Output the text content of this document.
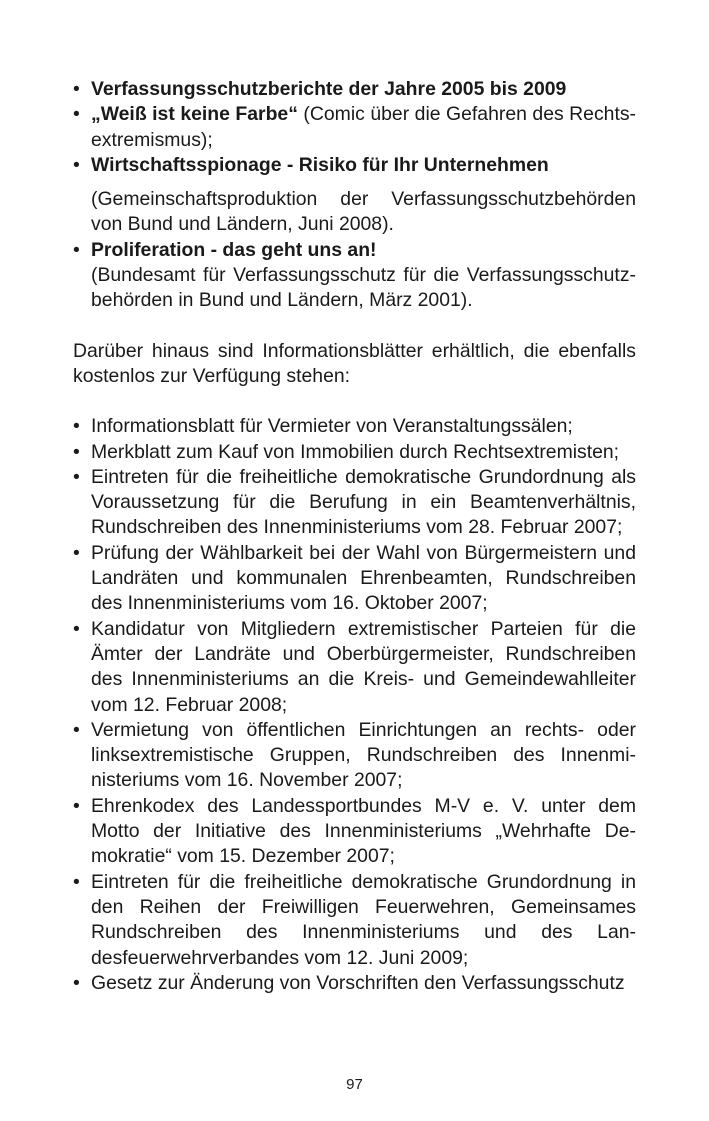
• Verfassungsschutzberichte der Jahre 2005 bis 2009
• „Weiß ist keine Farbe“ (Comic über die Gefahren des Rechtsextremismus);
• Wirtschaftsspionage - Risiko für Ihr Unternehmen
(Gemeinschaftsproduktion der Verfassungsschutzbehörden von Bund und Ländern, Juni 2008).
• Proliferation - das geht uns an!
(Bundesamt für Verfassungsschutz für die Verfassungsschutzbehörden in Bund und Ländern, März 2001).

Darüber hinaus sind Informationsblätter erhältlich, die ebenfalls kostenlos zur Verfügung stehen:

• Informationsblatt für Vermieter von Veranstaltungssälen;
• Merkblatt zum Kauf von Immobilien durch Rechtsextremisten;
• Eintreten für die freiheitliche demokratische Grundordnung als Voraussetzung für die Berufung in ein Beamtenverhältnis, Rundschreiben des Innenministeriums vom 28. Februar 2007;
• Prüfung der Wählbarkeit bei der Wahl von Bürgermeistern und Landräten und kommunalen Ehrenbeamten, Rundschreiben des Innenministeriums vom 16. Oktober 2007;
• Kandidatur von Mitgliedern extremistischer Parteien für die Ämter der Landräte und Oberbürgermeister, Rundschreiben des Innenministeriums an die Kreis- und Gemeindewahlleiter vom 12. Februar 2008;
• Vermietung von öffentlichen Einrichtungen an rechts- oder linksextremistische Gruppen, Rundschreiben des Innenministeriums vom 16. November 2007;
• Ehrenkodex des Landessportbundes M-V e. V. unter dem Motto der Initiative des Innenministeriums „Wehrhafte Demokratie“ vom 15. Dezember 2007;
• Eintreten für die freiheitliche demokratische Grundordnung in den Reihen der Freiwilligen Feuerwehren, Gemeinsames Rundschreiben des Innenministeriums und des Landesfeuerwehrverbandes vom 12. Juni 2009;
• Gesetz zur Änderung von Vorschriften den Verfassungsschutz
97
